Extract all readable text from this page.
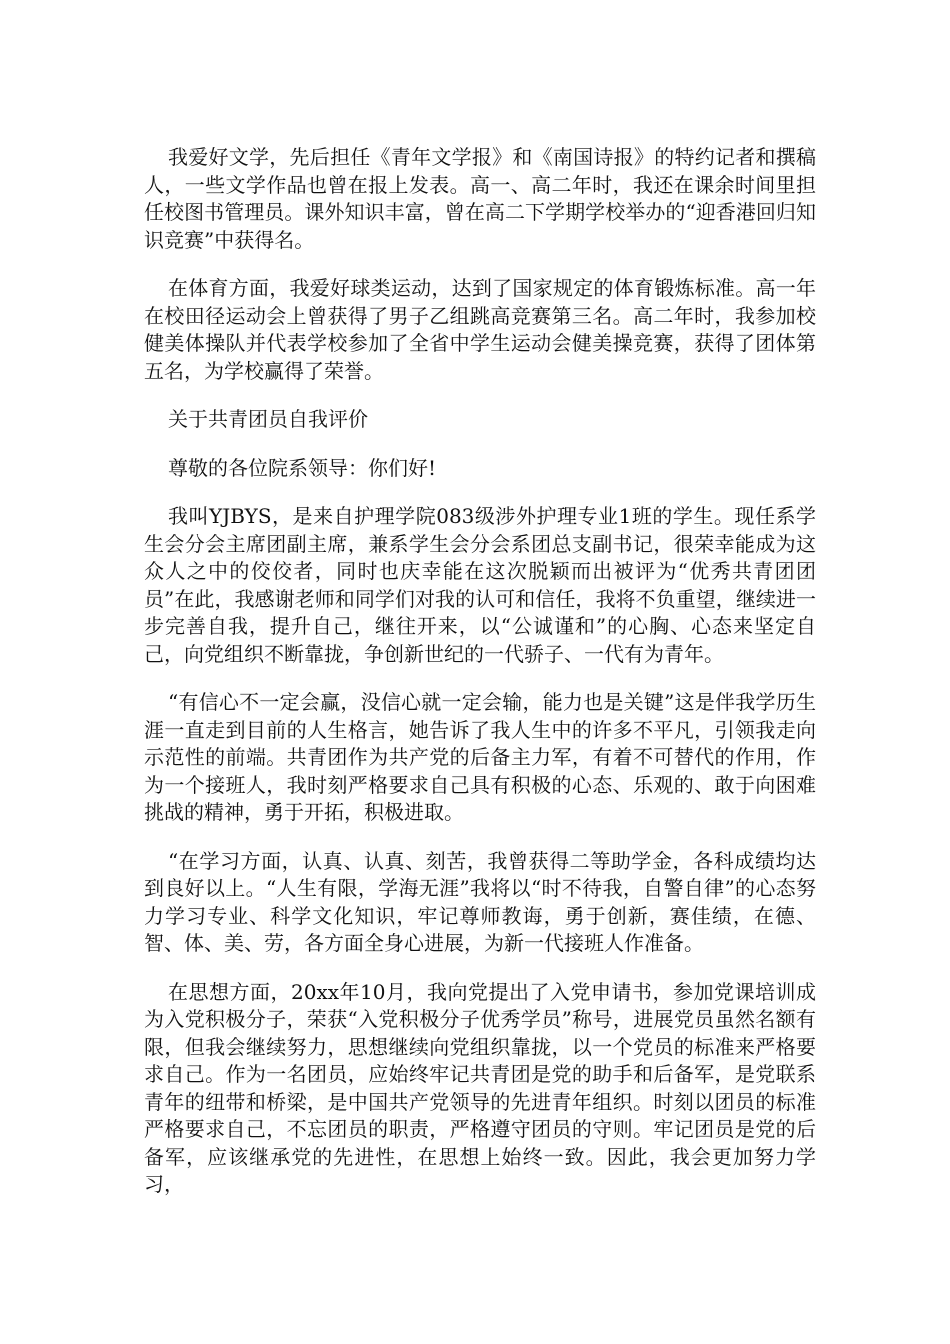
我爱好文学，先后担任《青年文学报》和《南国诗报》的特约记者和撰稿人，一些文学作品也曾在报上发表。高一、高二年时，我还在课余时间里担任校图书管理员。课外知识丰富，曾在高二下学期学校举办的“迎香港回归知识竞赛”中获得名。

在体育方面，我爱好球类运动，达到了国家规定的体育锻炼标准。高一年在校田径运动会上曾获得了男子乙组跳高竞赛第三名。高二年时，我参加校健美体操队并代表学校参加了全省中学生运动会健美操竞赛，获得了团体第五名，为学校赢得了荣誉。

关于共青团员自我评价

尊敬的各位院系领导：你们好!

我叫YJBYS，是来自护理学院083级涉外护理专业1班的学生。现任系学生会分会主席团副主席，兼系学生会分会系团总支副书记，很荣幸能成为这众人之中的佼佼者，同时也庆幸能在这次脱颖而出被评为“优秀共青团团员”在此，我感谢老师和同学们对我的认可和信任，我将不负重望，继续进一步完善自我，提升自己，继往开来，以“公诚谨和”的心胸、心态来坚定自己，向党组织不断靠拢，争创新世纪的一代骄子、一代有为青年。

“有信心不一定会赢，没信心就一定会输，能力也是关键”这是伴我学历生涯一直走到目前的人生格言，她告诉了我人生中的许多不平凡，引领我走向示范性的前端。共青团作为共产党的后备主力军，有着不可替代的作用，作为一个接班人，我时刻严格要求自己具有积极的心态、乐观的、敢于向困难挑战的精神，勇于开拓，积极进取。

“在学习方面，认真、认真、刻苦，我曾获得二等助学金，各科成绩均达到良好以上。“人生有限，学海无涯”我将以“时不待我，自警自律”的心态努力学习专业、科学文化知识，牢记尊师教诲，勇于创新，赛佳绩，在德、智、体、美、劳，各方面全身心进展，为新一代接班人作准备。

在思想方面，20xx年10月，我向党提出了入党申请书，参加党课培训成为入党积极分子，荣获“入党积极分子优秀学员”称号，进展党员虽然名额有限，但我会继续努力，思想继续向党组织靠拢，以一个党员的标准来严格要求自己。作为一名团员，应始终牢记共青团是党的助手和后备军，是党联系青年的纽带和桥梁，是中国共产党领导的先进青年组织。时刻以团员的标准严格要求自己，不忘团员的职责，严格遵守团员的守则。牢记团员是党的后备军，应该继承党的先进性，在思想上始终一致。因此，我会更加努力学习，
